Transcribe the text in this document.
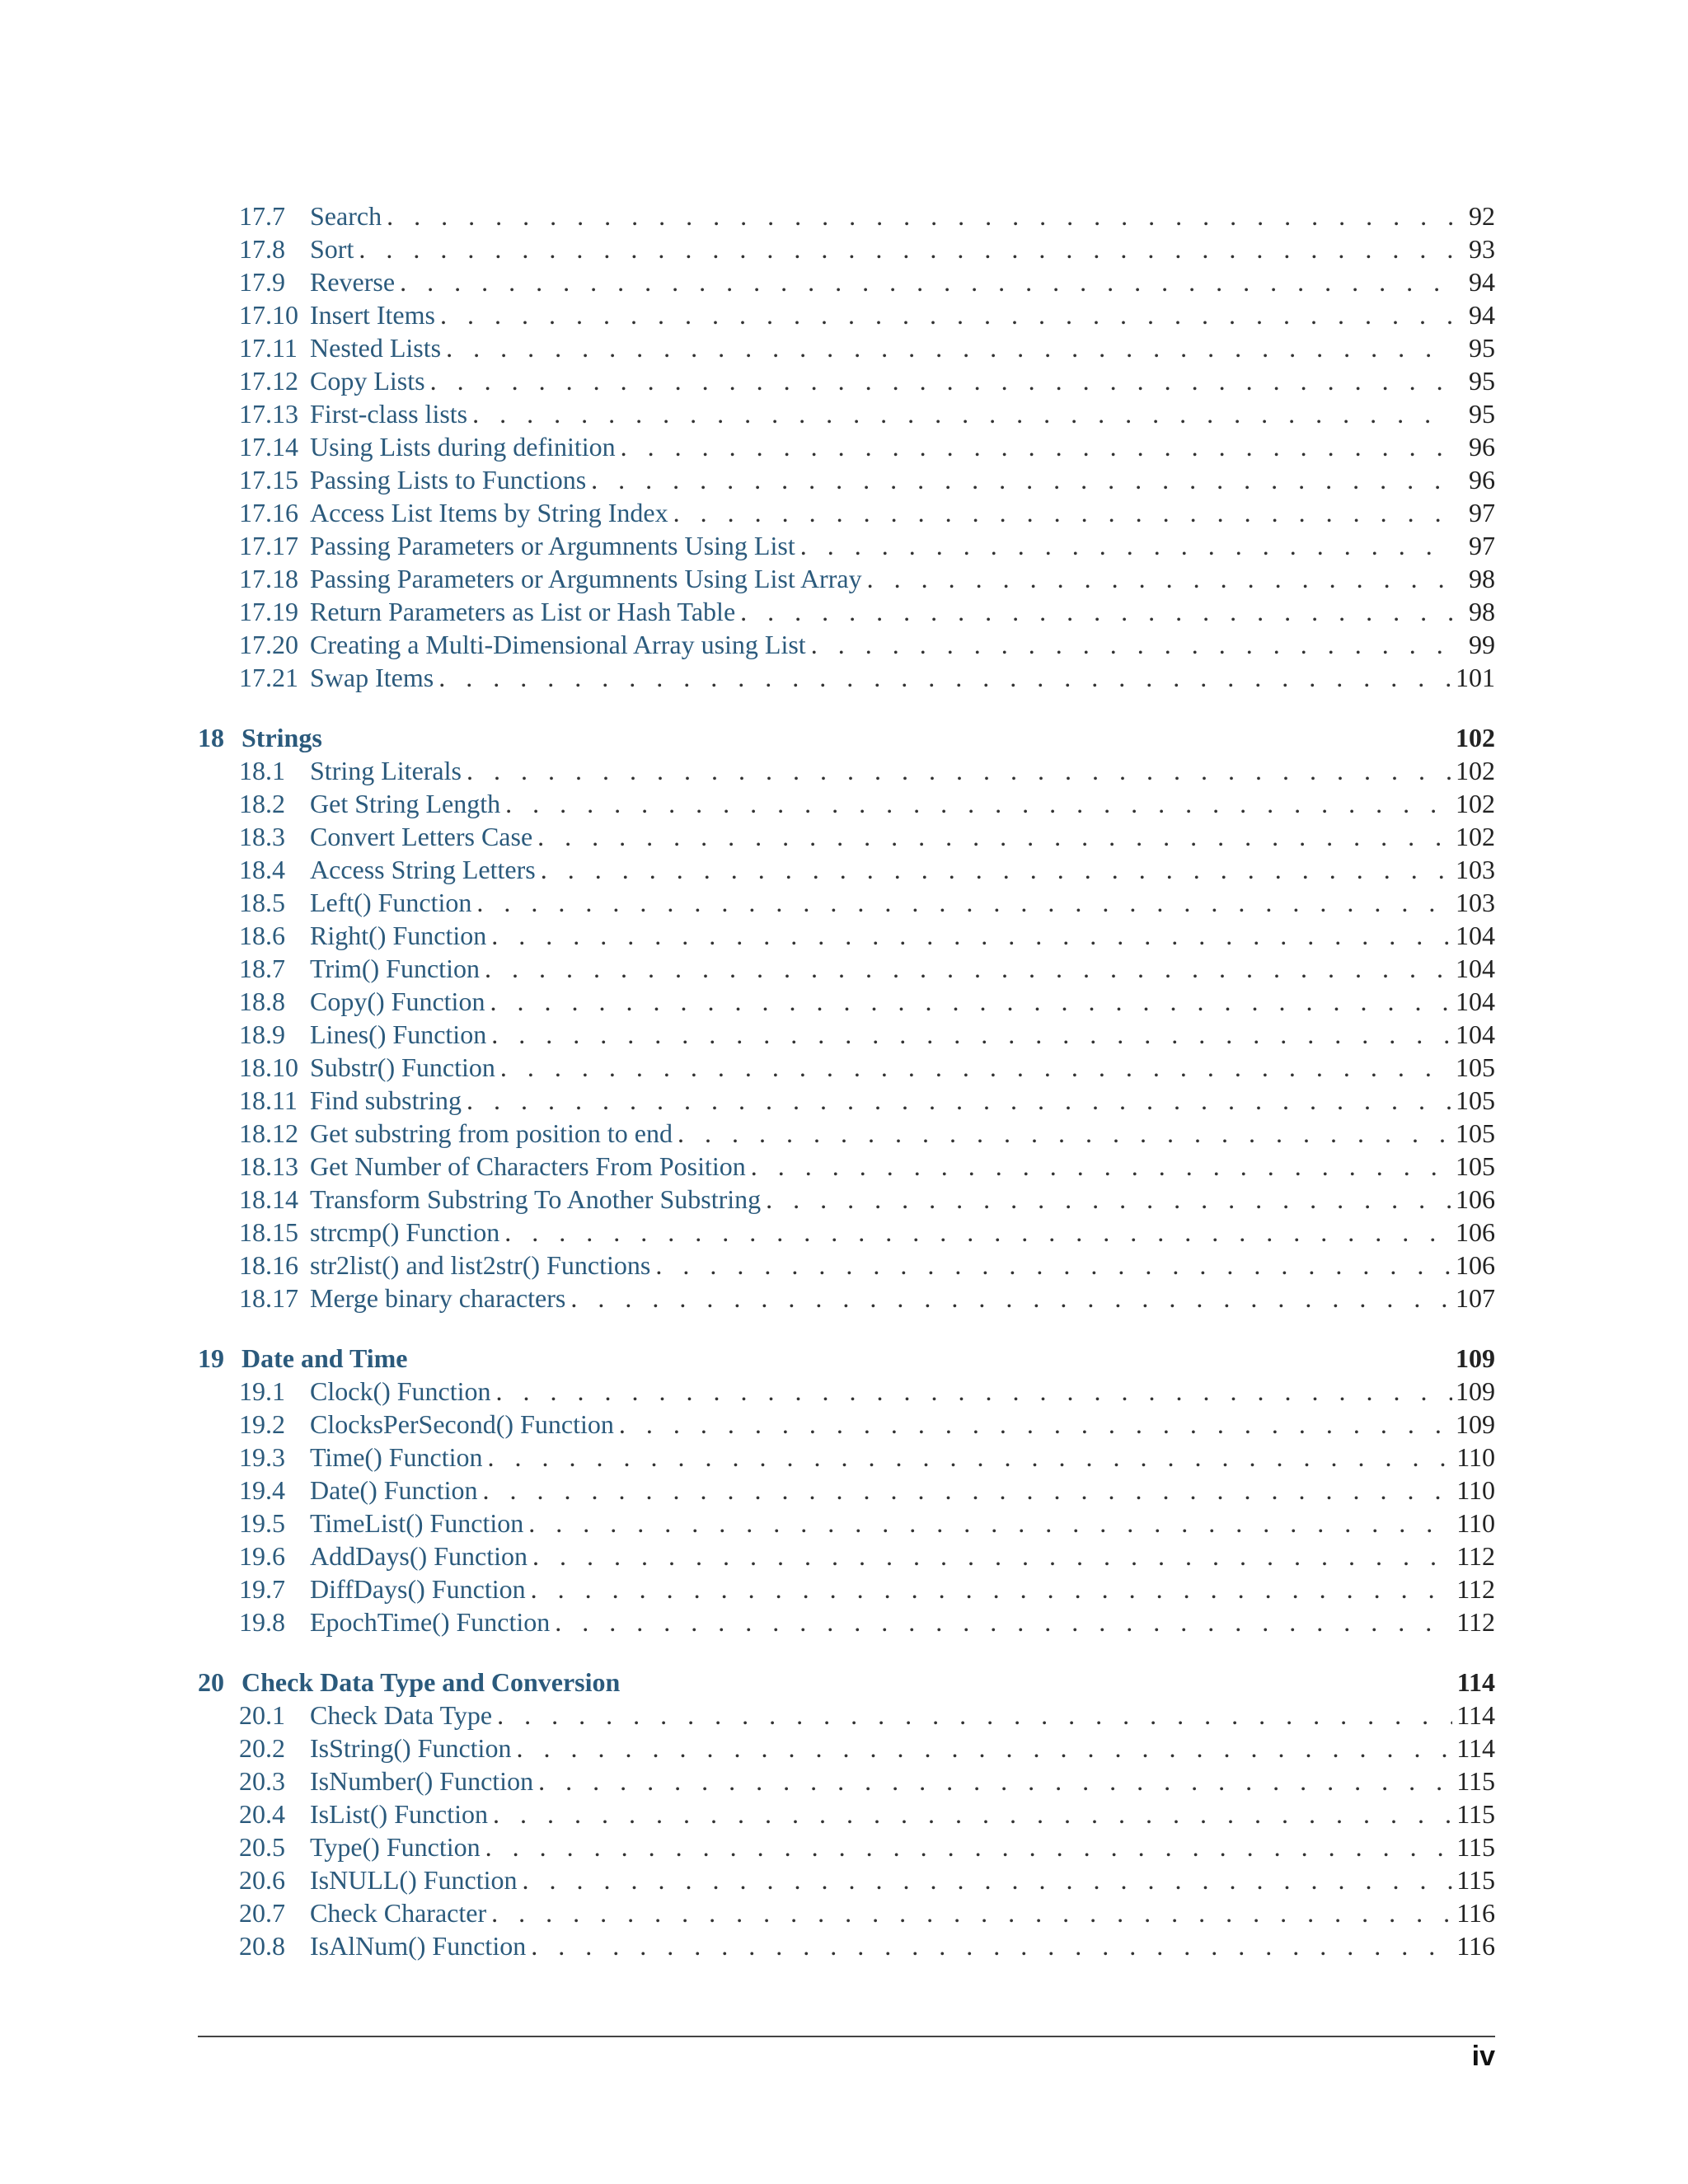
17.7 Search . . .	92
17.8 Sort . . .	93
17.9 Reverse . . .	94
17.10 Insert Items . . .	94
17.11 Nested Lists . . .	95
17.12 Copy Lists . . .	95
17.13 First-class lists . . .	95
17.14 Using Lists during definition . . .	96
17.15 Passing Lists to Functions . . .	96
17.16 Access List Items by String Index . . .	97
17.17 Passing Parameters or Argumnents Using List . . .	97
17.18 Passing Parameters or Argumnents Using List Array . . .	98
17.19 Return Parameters as List or Hash Table . . .	98
17.20 Creating a Multi-Dimensional Array using List . . .	99
17.21 Swap Items . . .	101
18 Strings	102
18.1 String Literals . . .	102
18.2 Get String Length . . .	102
18.3 Convert Letters Case . . .	102
18.4 Access String Letters . . .	103
18.5 Left() Function . . .	103
18.6 Right() Function . . .	104
18.7 Trim() Function . . .	104
18.8 Copy() Function . . .	104
18.9 Lines() Function . . .	104
18.10 Substr() Function . . .	105
18.11 Find substring . . .	105
18.12 Get substring from position to end . . .	105
18.13 Get Number of Characters From Position . . .	105
18.14 Transform Substring To Another Substring . . .	106
18.15 strcmp() Function . . .	106
18.16 str2list() and list2str() Functions . . .	106
18.17 Merge binary characters . . .	107
19 Date and Time	109
19.1 Clock() Function . . .	109
19.2 ClocksPerSecond() Function . . .	109
19.3 Time() Function . . .	110
19.4 Date() Function . . .	110
19.5 TimeList() Function . . .	110
19.6 AddDays() Function . . .	112
19.7 DiffDays() Function . . .	112
19.8 EpochTime() Function . . .	112
20 Check Data Type and Conversion	114
20.1 Check Data Type . . .	114
20.2 IsString() Function . . .	114
20.3 IsNumber() Function . . .	115
20.4 IsList() Function . . .	115
20.5 Type() Function . . .	115
20.6 IsNULL() Function . . .	115
20.7 Check Character . . .	116
20.8 IsAlNum() Function . . .	116
iv
